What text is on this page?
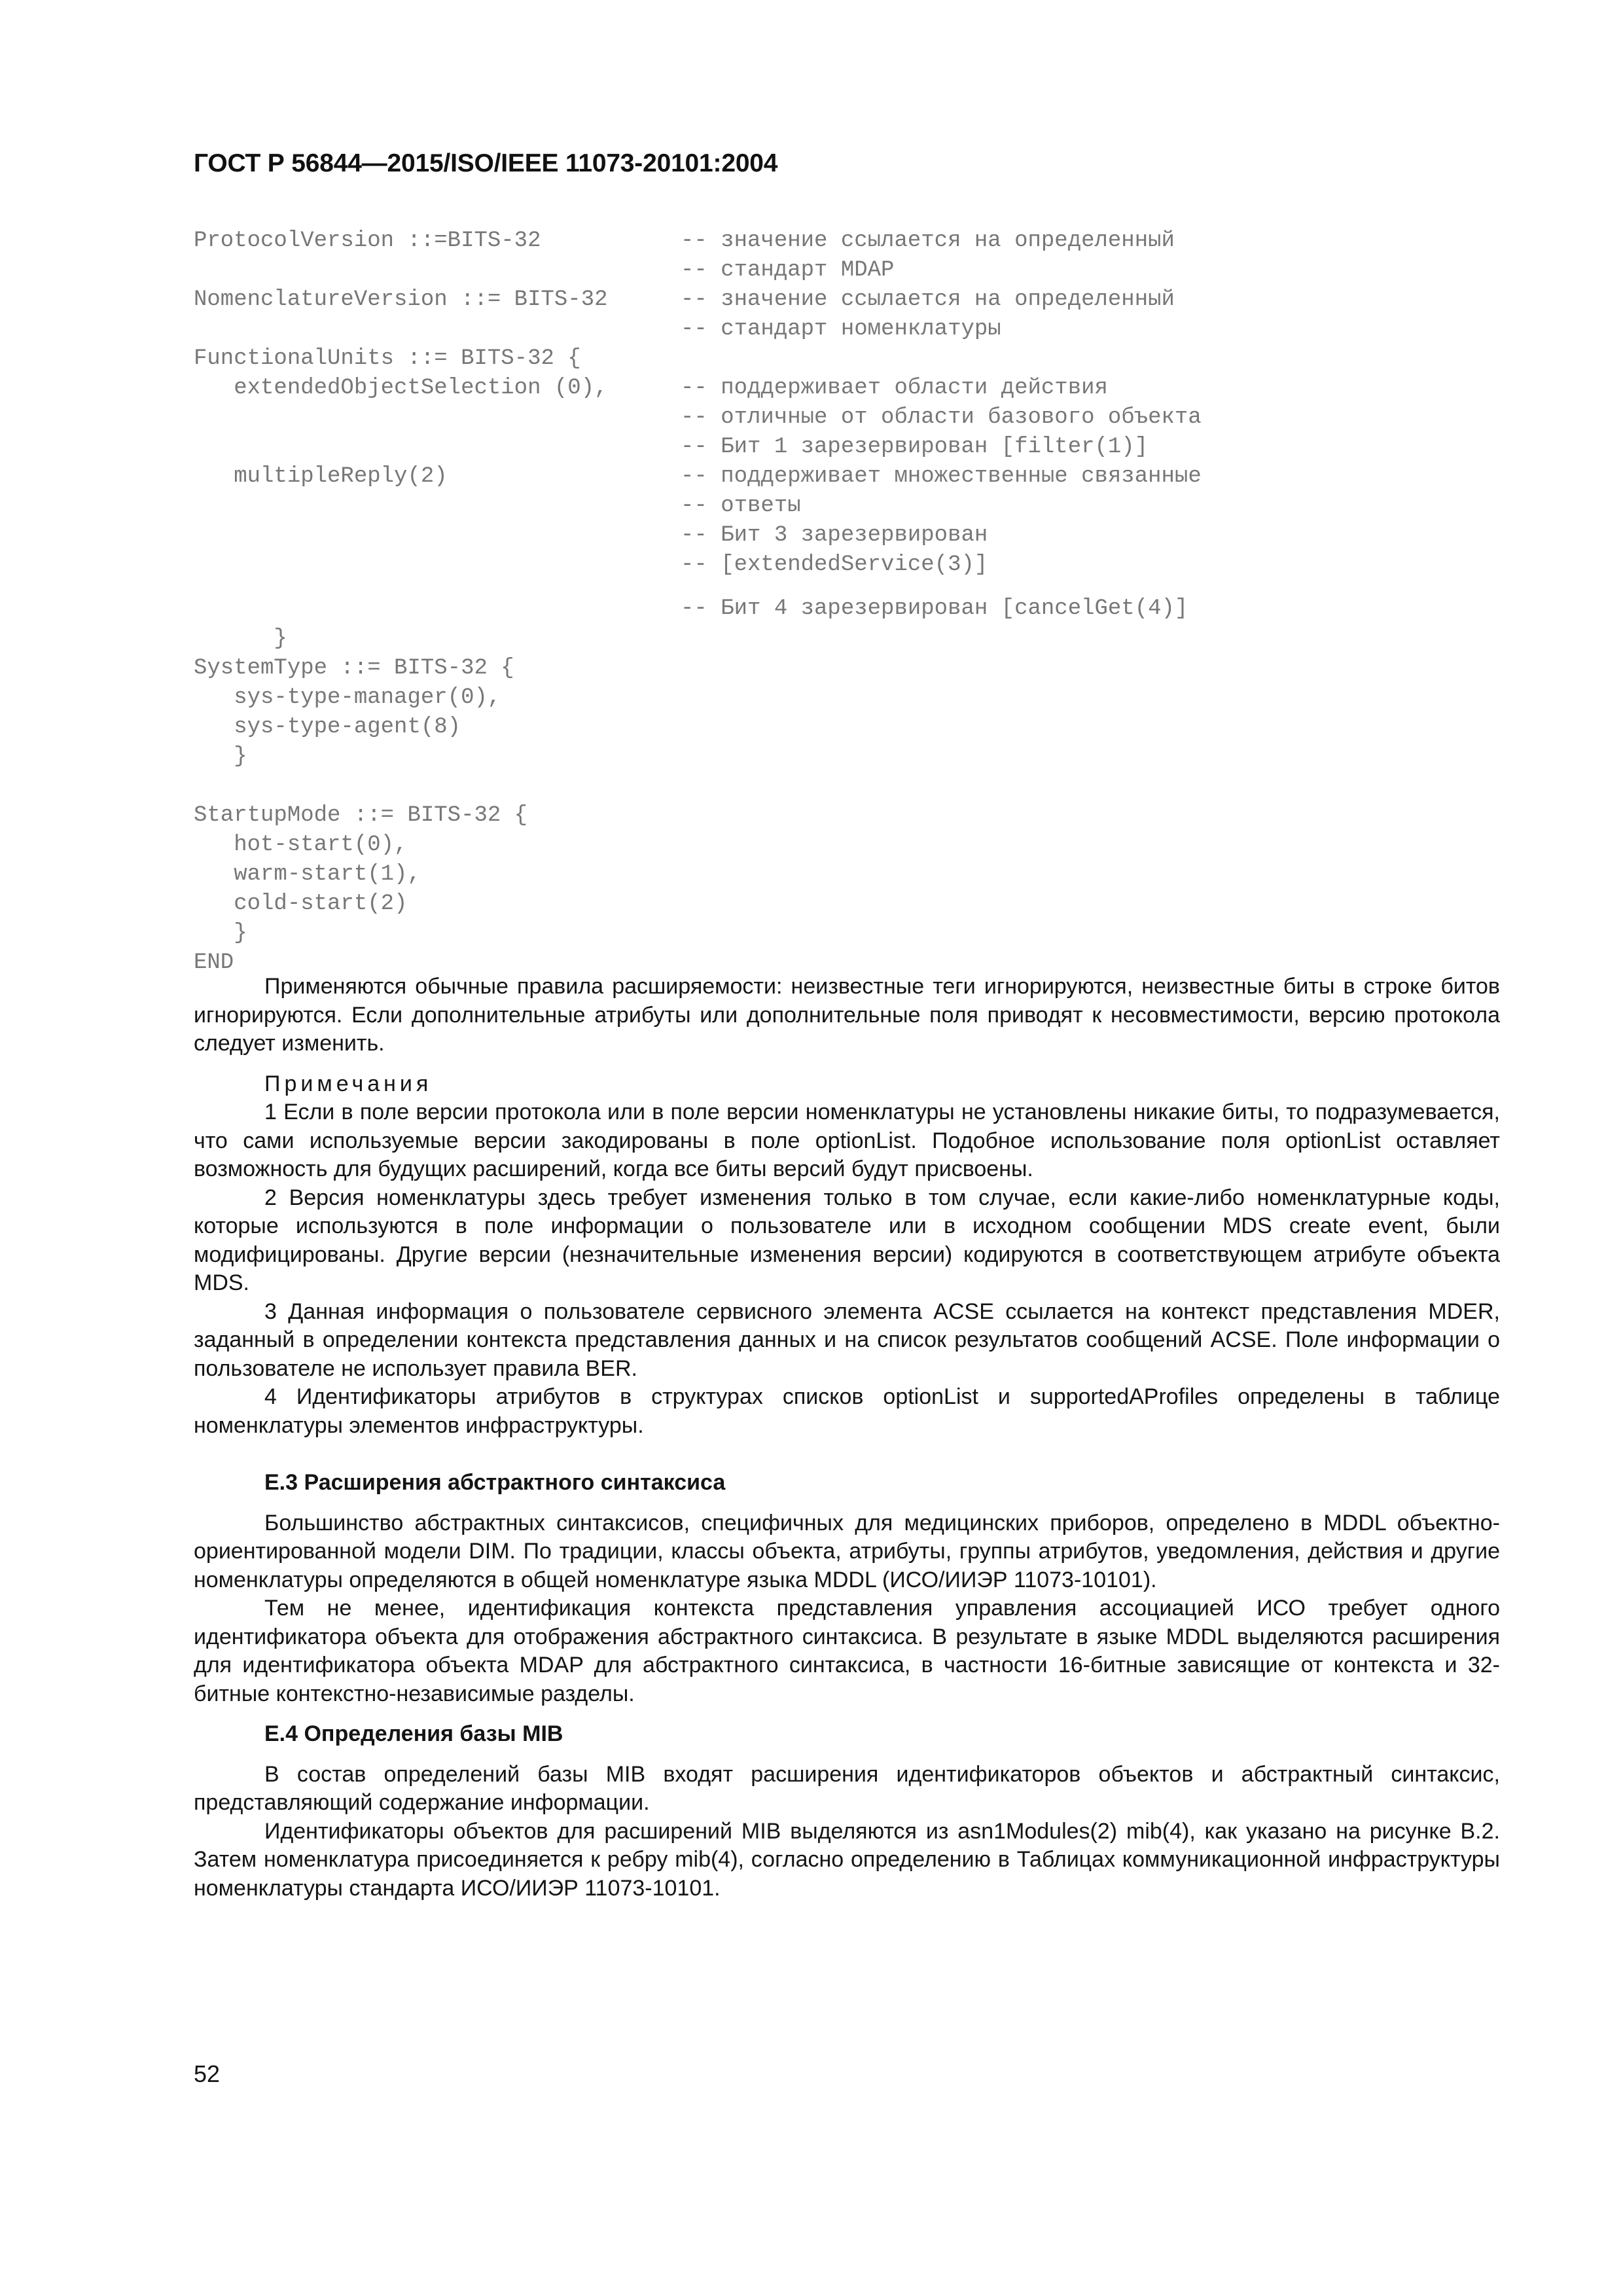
ГОСТ Р 56844—2015/ISO/IEEE 11073-20101:2004
ProtocolVersion ::=BITS-32	-- значение ссылается на определенный
-- стандарт MDAP
NomenclatureVersion ::= BITS-32	-- значение ссылается на определенный
-- стандарт номенклатуры
FunctionalUnits ::= BITS-32 {
extendedObjectSelection (0),	-- поддерживает области действия
-- отличные от области базового объекта
-- Бит 1 зарезервирован [filter(1)]
multipleReply(2)	-- поддерживает множественные связанные
-- ответы
-- Бит 3 зарезервирован
-- [extendedService(3)]
-- Бит 4 зарезервирован [cancelGet(4)]
}
SystemType ::= BITS-32 {
sys-type-manager(0),
sys-type-agent(8)
}
StartupMode ::= BITS-32 {
hot-start(0),
warm-start(1),
cold-start(2)
}
END

Применяются обычные правила расширяемости: неизвестные теги игнорируются, неизвестные биты в строке битов игнорируются. Если дополнительные атрибуты или дополнительные поля приводят к несовместимости, версию протокола следует изменить.

Примечания

1 Если в поле версии протокола или в поле версии номенклатуры не установлены никакие биты, то подразумевается, что сами используемые версии закодированы в поле optionList. Подобное использование поля optionList оставляет возможность для будущих расширений, когда все биты версий будут присвоены.

2 Версия номенклатуры здесь требует изменения только в том случае, если какие-либо номенклатурные коды, которые используются в поле информации о пользователе или в исходном сообщении MDS create event, были модифицированы. Другие версии (незначительные изменения версии) кодируются в соответствующем атрибуте объекта MDS.

3 Данная информация о пользователе сервисного элемента ACSE ссылается на контекст представления MDER, заданный в определении контекста представления данных и на список результатов сообщений ACSE. Поле информации о пользователе не использует правила BER.

4 Идентификаторы атрибутов в структурах списков optionList и supportedAProfiles определены в таблице номенклатуры элементов инфраструктуры.

Е.3 Расширения абстрактного синтаксиса

Большинство абстрактных синтаксисов, специфичных для медицинских приборов, определено в MDDL объектно-ориентированной модели DIM. По традиции, классы объекта, атрибуты, группы атрибутов, уведомления, действия и другие номенклатуры определяются в общей номенклатуре языка MDDL (ИСО/ИИЭР 11073-10101).

Тем не менее, идентификация контекста представления управления ассоциацией ИСО требует одного идентификатора объекта для отображения абстрактного синтаксиса. В результате в языке MDDL выделяются расширения для идентификатора объекта MDAP для абстрактного синтаксиса, в частности 16-битные зависящие от контекста и 32-битные контекстно-независимые разделы.

Е.4 Определения базы MIB

В состав определений базы MIB входят расширения идентификаторов объектов и абстрактный синтаксис, представляющий содержание информации.

Идентификаторы объектов для расширений MIB выделяются из asn1Modules(2) mib(4), как указано на рисунке В.2. Затем номенклатура присоединяется к ребру mib(4), согласно определению в Таблицах коммуникационной инфраструктуры номенклатуры стандарта ИСО/ИИЭР 11073-10101.

52
